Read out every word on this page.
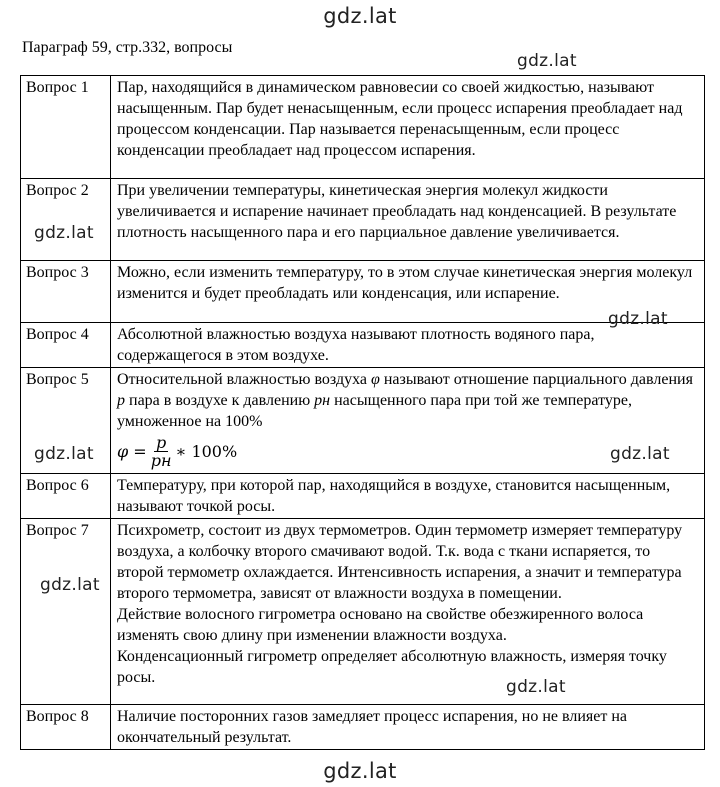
gdz.lat
Параграф 59, стр.332, вопросы
Вопрос 1	Пар, находящийся в динамическом равновесии со своей жидкостью, называют насыщенным. Пар будет ненасыщенным, если процесс испарения преобладает над процессом конденсации. Пар называется перенасыщенным, если процесс конденсации преобладает над процессом испарения.
Вопрос 2	При увеличении температуры, кинетическая энергия молекул жидкости увеличивается и испарение начинает преобладать над конденсацией. В результате плотность насыщенного пара и его парциальное давление увеличивается.
Вопрос 3	Можно, если изменить температуру, то в этом случае кинетическая энергия молекул изменится и будет преобладать или конденсация, или испарение.
Вопрос 4	Абсолютной влажностью воздуха называют плотность водяного пара, содержащегося в этом воздухе.
Вопрос 5	Относительной влажностью воздуха φ называют отношение парциального давления p пара в воздухе к давлению pн насыщенного пара при той же температуре, умноженное на 100%
$\varphi = \frac{p}{pн}$ ∗ 100%

Вопрос 6	Температуру, при которой пар, находящийся в воздухе, становится насыщенным, называют точкой росы.
Вопрос 7	Психрометр, состоит из двух термометров. Один термометр измеряет температуру воздуха, а колбочку второго смачивают водой. Т.к. вода с ткани испаряется, то второй термометр охлаждается. Интенсивность испарения, а значит и температура второго термометра, зависят от влажности воздуха в помещении.
Действие волосного гигрометра основано на свойстве обезжиренного волоса изменять свою длину при изменении влажности воздуха.
Конденсационный гигрометр определяет абсолютную влажность, измеряя точку росы.

Вопрос 8	Наличие посторонних газов замедляет процесс испарения, но не влияет на окончательный результат.
gdz.lat
gdz.lat
gdz.lat
gdz.lat	gdz.lat
gdz.lat
gdz.lat
gdz.lat
